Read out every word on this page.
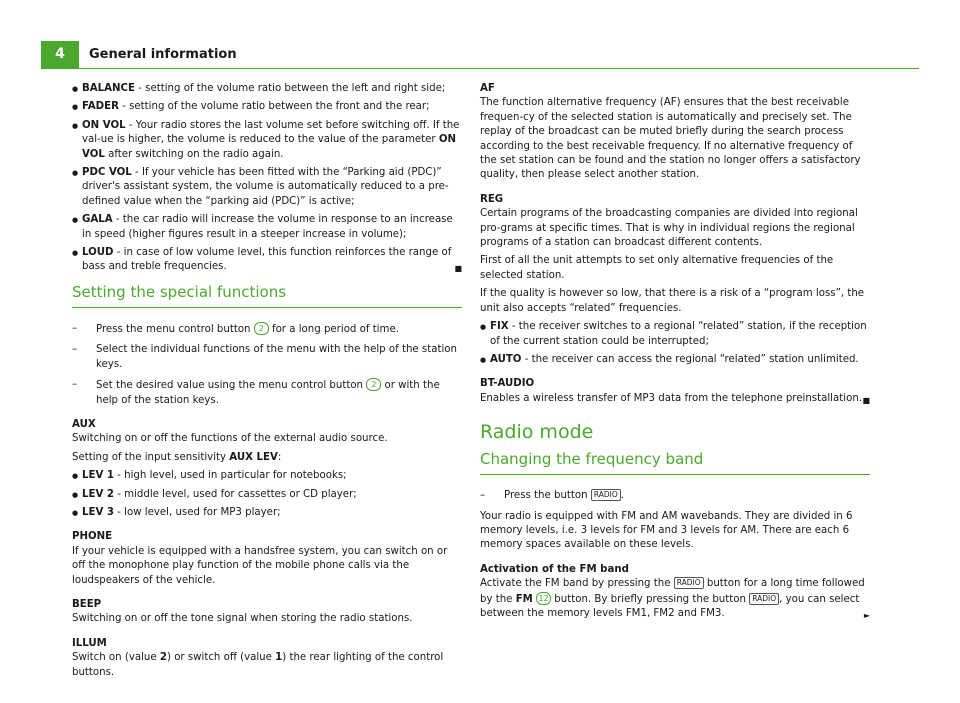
4	General information
● BALANCE - setting of the volume ratio between the left and right side;
● FADER - setting of the volume ratio between the front and the rear;
● ON VOL - Your radio stores the last volume set before switching off. If the val-ue is higher, the volume is reduced to the value of the parameter ON VOL after switching on the radio again.
● PDC VOL - If your vehicle has been fitted with the “Parking aid (PDC)” driver's assistant system, the volume is automatically reduced to a pre-defined value when the “parking aid (PDC)” is active;
● GALA - the car radio will increase the volume in response to an increase in speed (higher figures result in a steeper increase in volume);
● LOUD - in case of low volume level, this function reinforces the range of bass and treble frequencies.	■
Setting the special functions
– Press the menu control button 2 for a long period of time.
– Select the individual functions of the menu with the help of the station keys.
– Set the desired value using the menu control button 2 or with the help of the station keys.
AUX

Switching on or off the functions of the external audio source.

Setting of the input sensitivity AUX LEV:

● LEV 1 - high level, used in particular for notebooks;
● LEV 2 - middle level, used for cassettes or CD player;
● LEV 3 - low level, used for MP3 player;
PHONE

If your vehicle is equipped with a handsfree system, you can switch on or off the monophone play function of the mobile phone calls via the loudspeakers of the vehicle.

BEEP

Switching on or off the tone signal when storing the radio stations.

ILLUM

Switch on (value 2) or switch off (value 1) the rear lighting of the control buttons.

AF

The function alternative frequency (AF) ensures that the best receivable frequen-cy of the selected station is automatically and precisely set. The replay of the broadcast can be muted briefly during the search process according to the best receivable frequency. If no alternative frequency of the set station can be found and the station no longer offers a satisfactory quality, then please select another station.

REG

Certain programs of the broadcasting companies are divided into regional pro-grams at specific times. That is why in individual regions the regional programs of a station can broadcast different contents.

First of all the unit attempts to set only alternative frequencies of the selected station.

If the quality is however so low, that there is a risk of a “program loss”, the unit also accepts “related” frequencies.

● FIX - the receiver switches to a regional “related” station, if the reception of the current station could be interrupted;
● AUTO - the receiver can access the regional “related” station unlimited.
BT-AUDIO

Enables a wireless transfer of MP3 data from the telephone preinstallation. ■

Radio mode
Changing the frequency band
– Press the button RADIO .

Your radio is equipped with FM and AM wavebands. They are divided in 6 memory levels, i.e. 3 levels for FM and 3 levels for AM. There are each 6 memory spaces available on these levels.

Activation of the FM band

Activate the FM band by pressing the RADIO button for a long time followed by the FM 12 button. By briefly pressing the button RADIO , you can select between the memory levels FM1, FM2 and FM3.	►
